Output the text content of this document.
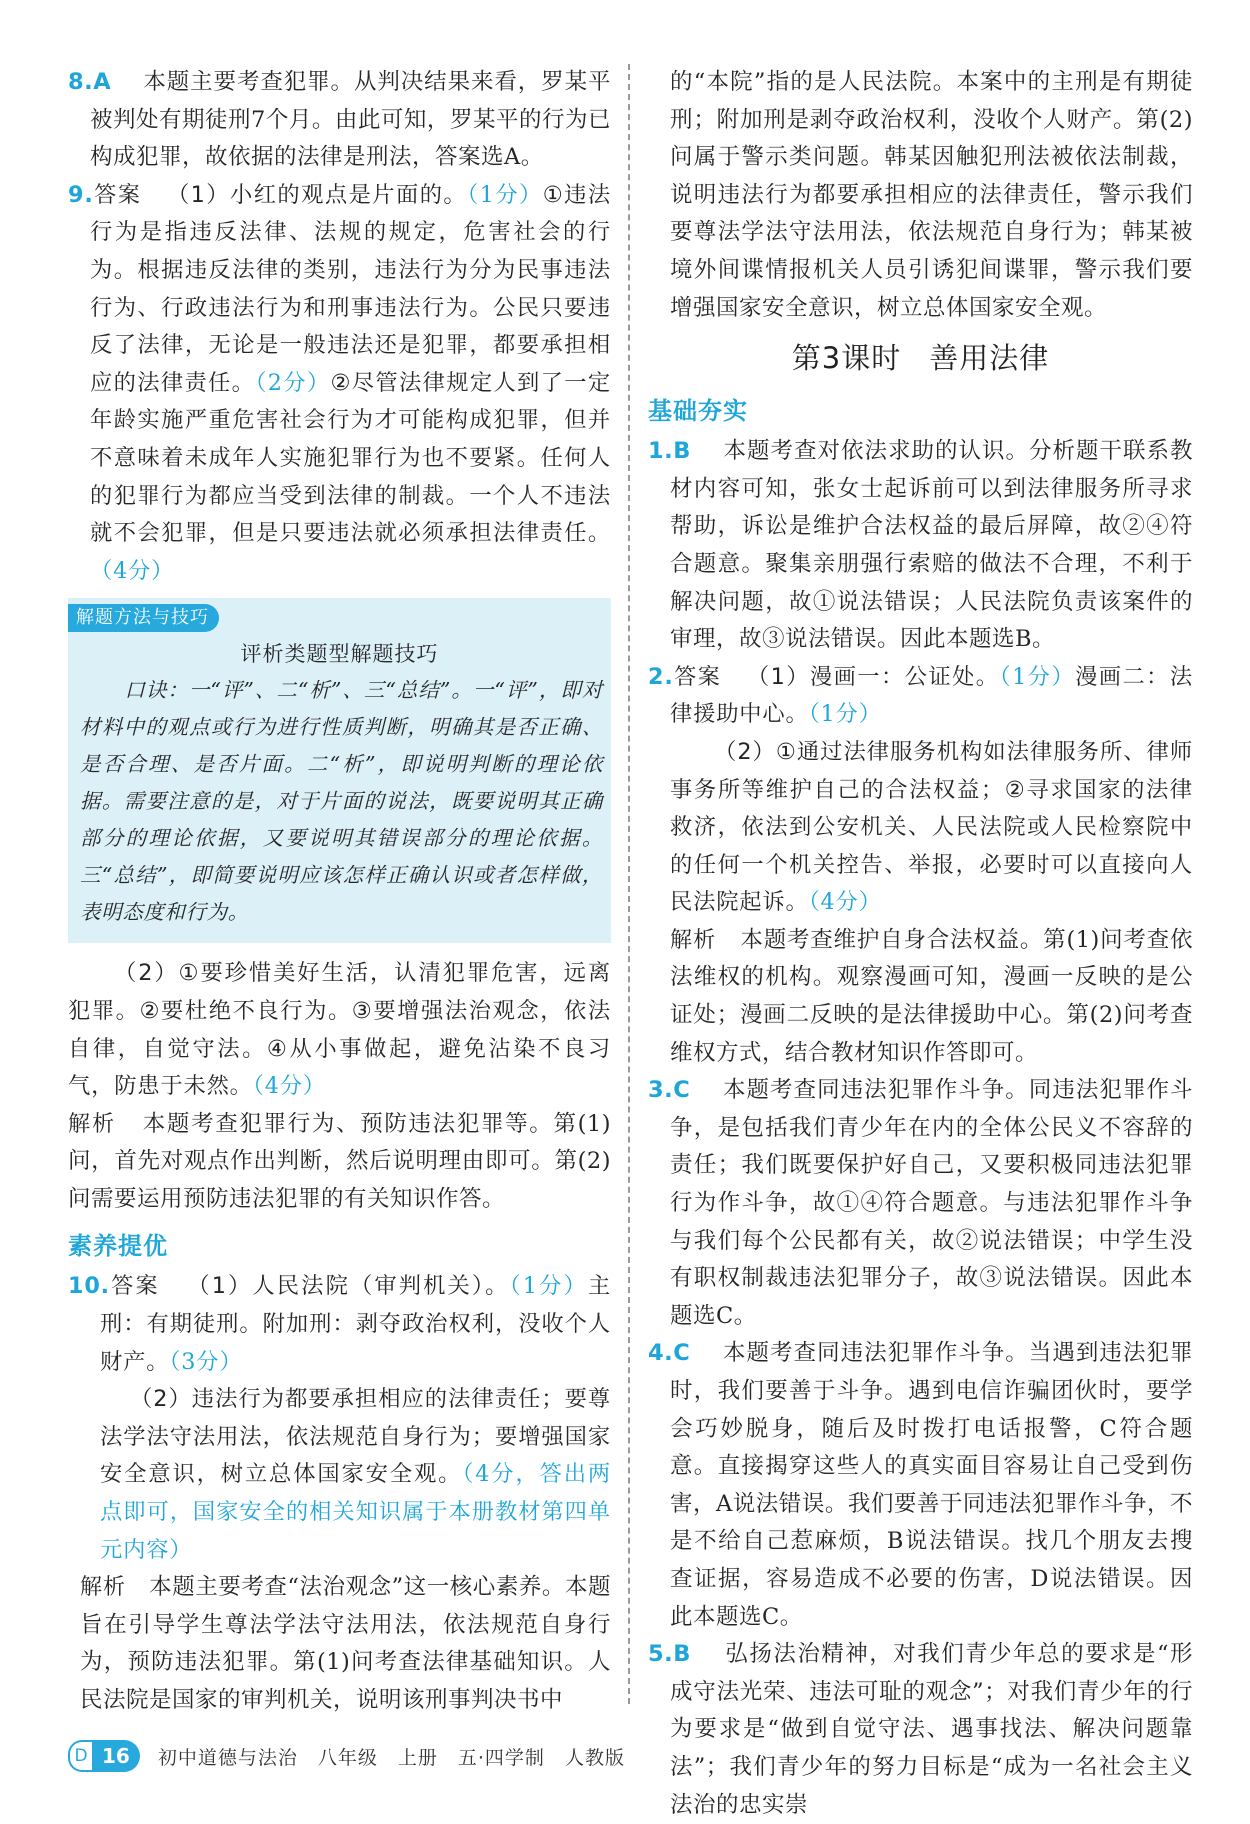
8.A 本题主要考查犯罪。从判决结果来看，罗某平被判处有期徒刑7个月。由此可知，罗某平的行为已构成犯罪，故依据的法律是刑法，答案选A。

9.答案 （1）小红的观点是片面的。（1分）①违法行为是指违反法律、法规的规定，危害社会的行为。根据违反法律的类别，违法行为分为民事违法行为、行政违法行为和刑事违法行为。公民只要违反了法律，无论是一般违法还是犯罪，都要承担相应的法律责任。（2分）②尽管法律规定人到了一定年龄实施严重危害社会行为才可能构成犯罪，但并不意味着未成年人实施犯罪行为也不要紧。任何人的犯罪行为都应当受到法律的制裁。一个人不违法就不会犯罪，但是只要违法就必须承担法律责任。（4分）

解题方法与技巧

评析类题型解题技巧

口诀：一“评”、二“析”、三“总结”。一“评”，即对材料中的观点或行为进行性质判断，明确其是否正确、是否合理、是否片面。二“析”，即说明判断的理论依据。需要注意的是，对于片面的说法，既要说明其正确部分的理论依据，又要说明其错误部分的理论依据。三“总结”，即简要说明应该怎样正确认识或者怎样做，表明态度和行为。

（2）①要珍惜美好生活，认清犯罪危害，远离犯罪。②要杜绝不良行为。③要增强法治观念，依法自律，自觉守法。④从小事做起，避免沾染不良习气，防患于未然。（4分）

解析 本题考查犯罪行为、预防违法犯罪等。第(1)问，首先对观点作出判断，然后说明理由即可。第(2)问需要运用预防违法犯罪的有关知识作答。

素养提优

10.答案 （1）人民法院（审判机关）。（1分）主刑：有期徒刑。附加刑：剥夺政治权利，没收个人财产。（3分）

（2）违法行为都要承担相应的法律责任；要尊法学法守法用法，依法规范自身行为；要增强国家安全意识，树立总体国家安全观。（4分，答出两点即可，国家安全的相关知识属于本册教材第四单元内容）

解析 本题主要考查“法治观念”这一核心素养。本题旨在引导学生尊法学法守法用法，依法规范自身行为，预防违法犯罪。第(1)问考查法律基础知识。人民法院是国家的审判机关，说明该刑事判决书中

的“本院”指的是人民法院。本案中的主刑是有期徒刑；附加刑是剥夺政治权利，没收个人财产。第(2)问属于警示类问题。韩某因触犯刑法被依法制裁，说明违法行为都要承担相应的法律责任，警示我们要尊法学法守法用法，依法规范自身行为；韩某被境外间谍情报机关人员引诱犯间谍罪，警示我们要增强国家安全意识，树立总体国家安全观。

第3课时 善用法律

基础夯实

1.B 本题考查对依法求助的认识。分析题干联系教材内容可知，张女士起诉前可以到法律服务所寻求帮助，诉讼是维护合法权益的最后屏障，故②④符合题意。聚集亲朋强行索赔的做法不合理，不利于解决问题，故①说法错误；人民法院负责该案件的审理，故③说法错误。因此本题选B。

2.答案 （1）漫画一：公证处。（1分）漫画二：法律援助中心。（1分）

（2）①通过法律服务机构如法律服务所、律师事务所等维护自己的合法权益；②寻求国家的法律救济，依法到公安机关、人民法院或人民检察院中的任何一个机关控告、举报，必要时可以直接向人民法院起诉。（4分）

解析 本题考查维护自身合法权益。第(1)问考查依法维权的机构。观察漫画可知，漫画一反映的是公证处；漫画二反映的是法律援助中心。第(2)问考查维权方式，结合教材知识作答即可。

3.C 本题考查同违法犯罪作斗争。同违法犯罪作斗争，是包括我们青少年在内的全体公民义不容辞的责任；我们既要保护好自己，又要积极同违法犯罪行为作斗争，故①④符合题意。与违法犯罪作斗争与我们每个公民都有关，故②说法错误；中学生没有职权制裁违法犯罪分子，故③说法错误。因此本题选C。

4.C 本题考查同违法犯罪作斗争。当遇到违法犯罪时，我们要善于斗争。遇到电信诈骗团伙时，要学会巧妙脱身，随后及时拨打电话报警，C符合题意。直接揭穿这些人的真实面目容易让自己受到伤害，A说法错误。我们要善于同违法犯罪作斗争，不是不给自己惹麻烦，B说法错误。找几个朋友去搜查证据，容易造成不必要的伤害，D说法错误。因此本题选C。

5.B 弘扬法治精神，对我们青少年总的要求是“形成守法光荣、违法可耻的观念”；对我们青少年的行为要求是“做到自觉守法、遇事找法、解决问题靠法”；我们青少年的努力目标是“成为一名社会主义法治的忠实崇

D 16	初中道德与法治 八年级 上册 五·四学制 人教版
